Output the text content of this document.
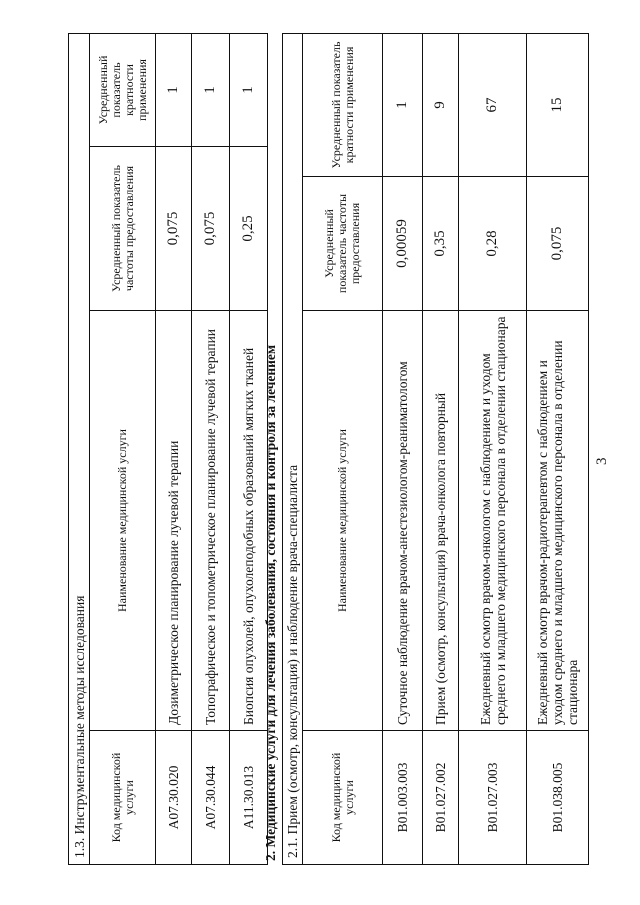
3
1.3. Инструментальные методы исследования			
Код медицинской услуги	Наименование медицинской услуги	Усредненный показатель частоты предоставления	Усредненный показатель кратности применения
A07.30.020	Дозиметрическое планирование лучевой терапии	0,075	1
A07.30.044	Топографическое и топометрическое планирование лучевой терапии	0,075	1
A11.30.013	Биопсия опухолей, опухолеподобных образований мягких тканей	0,25	1
2. Медицинские услуги для лечения заболевания, состояния и контроля за лечением 2.1. Прием (осмотр, консультация) и наблюдение врача-специалиста			
Код медицинской услуги	Наименование медицинской услуги	Усредненный показатель частоты предоставления	Усредненный показатель кратности применения
B01.003.003	Суточное наблюдение врачом-анестезиологом-реаниматологом	0,00059	1
B01.027.002	Прием (осмотр, консультация) врача-онколога повторный	0,35	9
B01.027.003	Ежедневный осмотр врачом-онкологом с наблюдением и уходом среднего и младшего медицинского персонала в отделении стационара	0,28	67
B01.038.005	Ежедневный осмотр врачом-радиотерапевтом с наблюдением и уходом среднего и младшего медицинского персонала в отделении стационара	0,075	15
